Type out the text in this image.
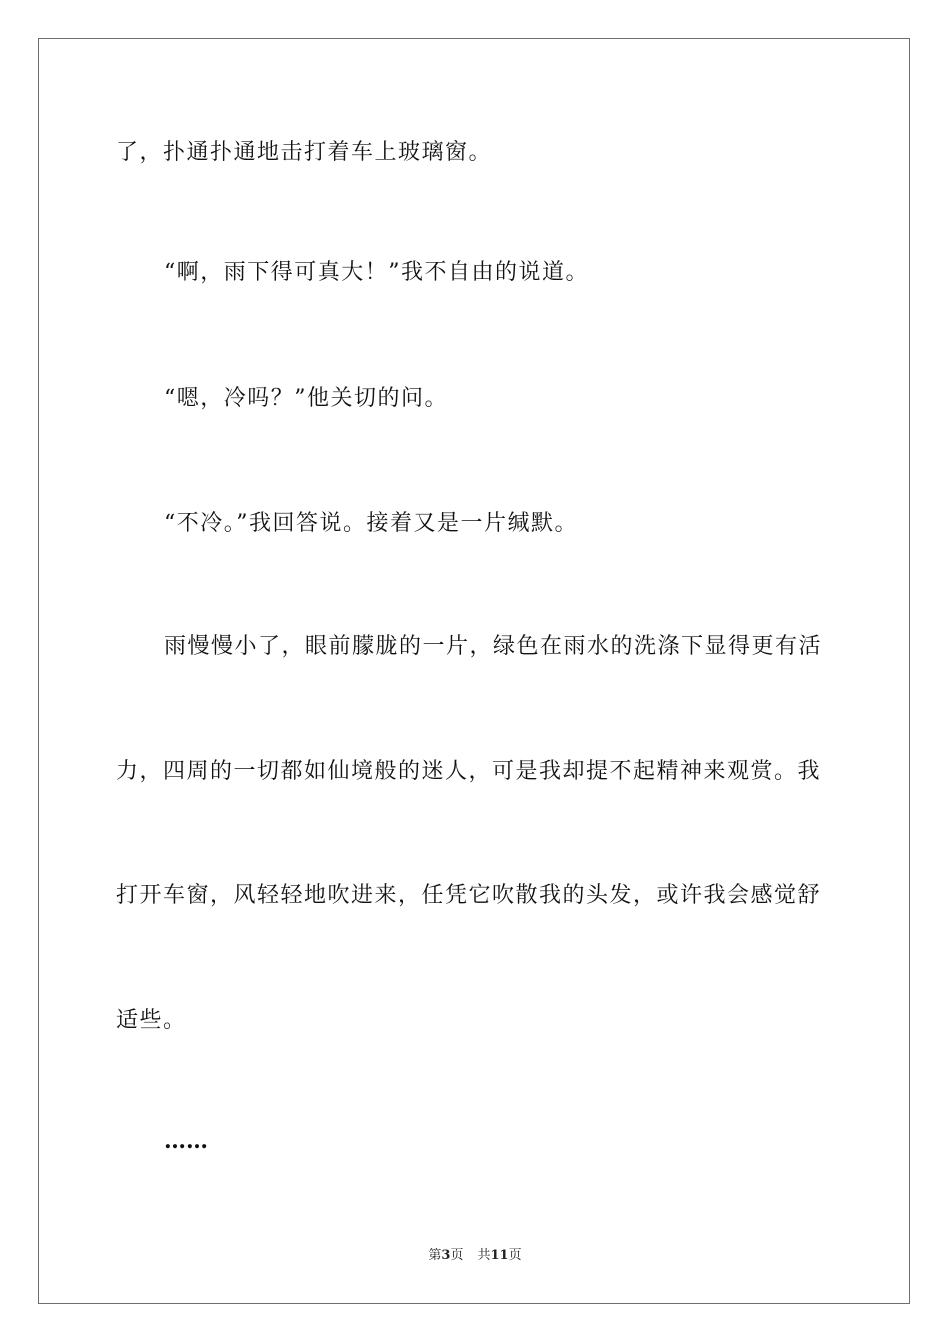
了，扑通扑通地击打着车上玻璃窗。
“啊，雨下得可真大！”我不自由的说道。
“嗯，冷吗？”他关切的问。
“不冷。”我回答说。接着又是一片缄默。
雨慢慢小了，眼前朦胧的一片，绿色在雨水的洗涤下显得更有活
力，四周的一切都如仙境般的迷人，可是我却提不起精神来观赏。我
打开车窗，风轻轻地吹进来，任凭它吹散我的头发，或许我会感觉舒
适些。
……
第3页 共11页
